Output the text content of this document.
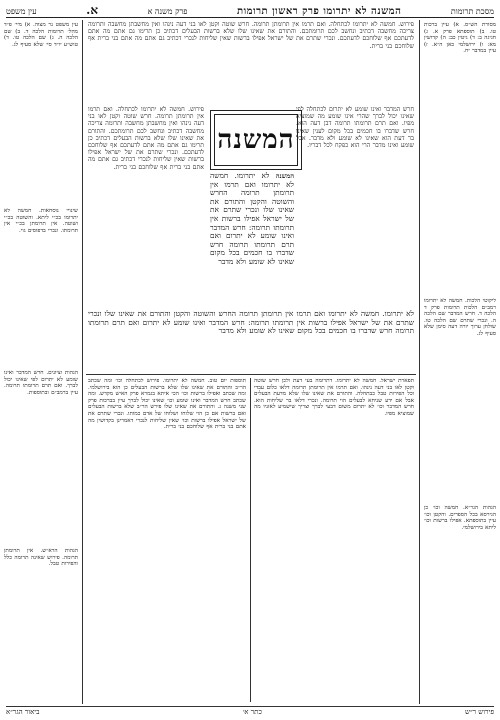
מסכת תרומות
המשנה לא יתרומו פרק ראשון תרומות
פרק משנה א
א.
עין משפט
מסורת הש״ס. א) עיין ברכות טו. ב) תוספתא פרק א. ג) חגיגה ב: ד) גיטין כב: ה) קדושין מא: ו) ירושלמי כאן ה״א. ז) עיין במדבר יח.
ליקוטי הלכות. חמשה לא יתרומו רמב״ם הלכות תרומות פרק ד הלכה ד. חרש המדבר שם הלכה ה. ונכרי שתרם שם הלכה טו. שולחן ערוך יורה דעה סימן שלא סעיף לג.
הגהות הגר״א. חמשה וכו׳ כן הגירסא בכל הספרים. והקטן וכו׳ עיין בתוספתא. אפילו ברשות וכו׳ ליתא בירושלמי.
עין משפט נר מצוה. א) מיי׳ פ״ד מהל׳ תרומות הלכה ד. ב) שם הלכה ה. ג) שם הלכה טו. ד) טוש״ע יו״ד סי׳ שלא סעיף לג.
שינויי נוסחאות. חמשה לא יתרומו בכ״י ליתא. והשוטה בכ״י ושוטה. אין תרומתן בכ״י אין תרומתו. ונכרי בדפוסים גוי.
הגהות וציונים. חרש המדבר ואינו שומע לא יתרום לפי שאינו יכול לברך. ואם תרם תרומתו תרומה. עיין ברמב״ם ובתוספות.
הגהות הרא״ש. אין תרומתן תרומה. פירוש שאינה תרומה כלל והפירות טבל.
פירוש. חמשה לא יתרומו לכתחלה. ואם תרמו אין תרומתן תרומה. חרש שוטה וקטן לאו בני דעה נינהו ואין מחשבתן מחשבה ותרומה צריכה מחשבה דכתיב ונחשב לכם תרומתכם. והתורם את שאינו שלו שלא ברשות הבעלים דכתיב כן תרימו גם אתם מה אתם לדעתכם אף שלוחכם לדעתכם. ונכרי שתרם את של ישראל אפילו ברשות שאין שליחות לנכרי דכתיב גם אתם מה אתם בני ברית אף שלוחכם בני ברית.
המשנה
חרש המדבר ואינו שומע לא יתרום לכתחלה לפי שאינו יכול לברך שהרי אינו שומע מה שמוציא מפיו. ואם תרם תרומתו תרומה דבן דעה הוא. חרש שדברו בו חכמים בכל מקום לענין שאינו בר דעת הוא שאינו לא שומע ולא מדבר. אבל שומע ואינו מדבר הרי הוא כפקח לכל דבריו.
פירוש. חמשה לא יתרומו לכתחלה. ואם תרמו אין תרומתן תרומה. חרש שוטה וקטן לאו בני דעה נינהו ואין מחשבתן מחשבה ותרומה צריכה מחשבה דכתיב ונחשב לכם תרומתכם. והתורם את שאינו שלו שלא ברשות הבעלים דכתיב כן תרימו גם אתם מה אתם לדעתכם אף שלוחכם לדעתכם. ונכרי שתרם את של ישראל אפילו ברשות שאין שליחות לנכרי דכתיב גם אתם מה אתם בני ברית אף שלוחכם בני ברית.
המשנה לא יתרומו. חמשה לא יתרומו ואם תרמו אין תרומתן תרומה החרש והשוטה והקטן והתורם את שאינו שלו ונכרי שתרם את של ישראל אפילו ברשות אין תרומתו תרומה: חרש המדבר ואינו שומע לא יתרום ואם תרם תרומתו תרומה חרש שדברו בו חכמים בכל מקום שאינו לא שומע ולא מדבר
לא יתרומו. חמשה לא יתרומו ואם תרמו אין תרומתן תרומה החרש והשוטה והקטן והתורם את שאינו שלו ונכרי שתרם את של ישראל אפילו ברשות אין תרומתו תרומה: חרש המדבר ואינו שומע לא יתרום ואם תרם תרומתו תרומה חרש שדברו בו חכמים בכל מקום שאינו לא שומע ולא מדבר
תפארת ישראל. חמשה לא יתרומו. דתרומה בעי דעת ולכן חרש שוטה וקטן לאו בני דעה נינהו. ואם תרמו אין תרומתן תרומה דלאו כלום עבדי וכל הפירות טבל כבתחלה. והתורם את שאינו שלו שלא מדעת הבעלים אבל אם ידע שניחא לבעלים הוי תרומה. ונכרי דלאו בר שליחות הוא. חרש המדבר וכו׳ לא יתרום משום דבעי לברך וצריך שישמיע לאזניו מה שמוציא מפיו.
תוספות יום טוב. חמשה לא יתרומו. פירוש לכתחלה וכו׳ ומה שכתב הר״ב והתורם את שאינו שלו שלא ברשות הבעלים כן הוא בירושלמי. ומה שכתב ואפילו ברשות וכו׳ הכי איתא בגמרא פרק האיש מקדש. ומה שכתב חרש המדבר ואינו שומע וכו׳ שאינו יכול לברך עיין בברכות פרק שני משנה ג. והתורם את שאינו שלו פירש הר״ב שלא ברשות הבעלים ואם ברשות אם כן הוי שלוחו ושלוחו של אדם כמותו. ונכרי שתרם את של ישראל אפילו ברשות וכו׳ שאין שליחות לנכרי דאמרינן בקדושין מה אתם בני ברית אף שלוחכם בני ברית.
פירוש ר״ש
כתר א׳
ביאור הגר״א
